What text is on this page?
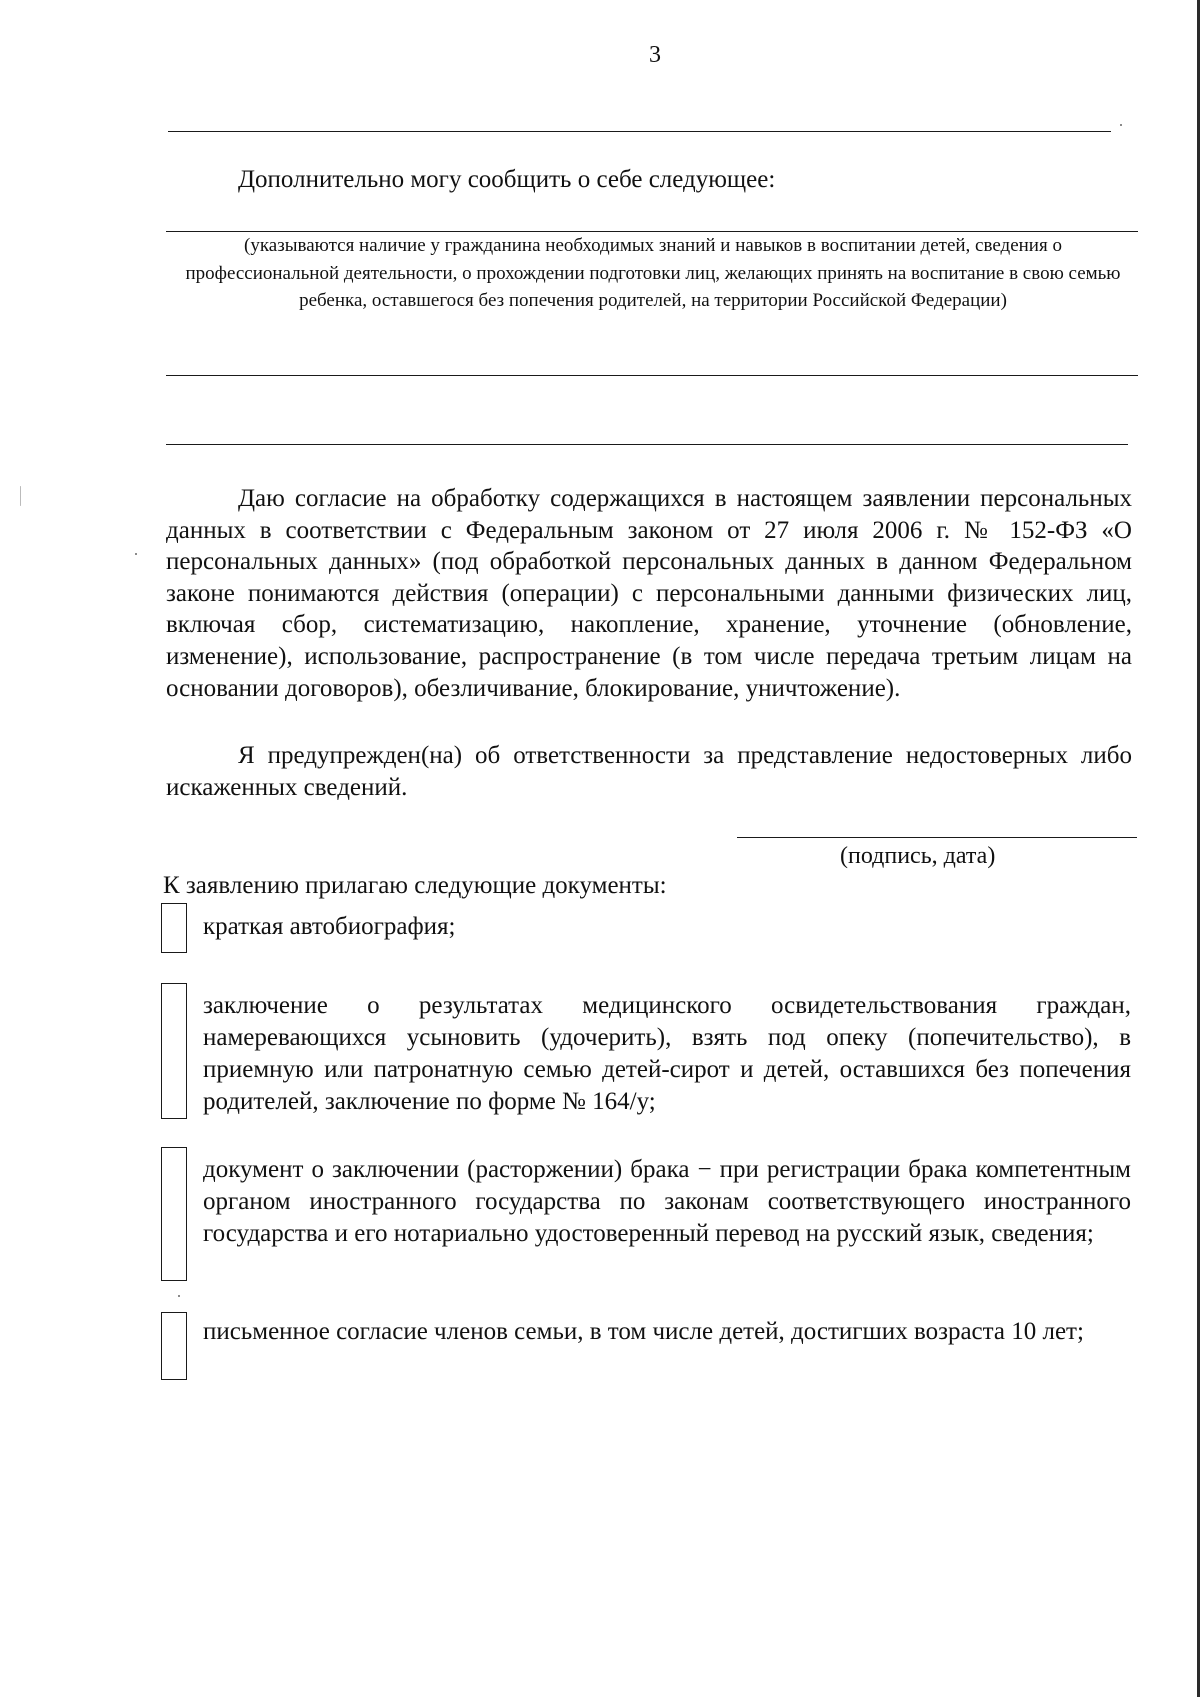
3
Дополнительно могу сообщить о себе следующее:
(указываются наличие у гражданина необходимых знаний и навыков в воспитании детей, сведения о профессиональной деятельности, о прохождении подготовки лиц, желающих принять на воспитание в свою семью ребенка, оставшегося без попечения родителей, на территории Российской Федерации)
Даю согласие на обработку содержащихся в настоящем заявлении персональных данных в соответствии с Федеральным законом от 27 июля 2006 г. № 152-ФЗ «О персональных данных» (под обработкой персональных данных в данном Федеральном законе понимаются действия (операции) с персональными данными физических лиц, включая сбор, систематизацию, накопление, хранение, уточнение (обновление, изменение), использование, распространение (в том числе передача третьим лицам на основании договоров), обезличивание, блокирование, уничтожение).
Я предупрежден(на) об ответственности за представление недостоверных либо искаженных сведений.
(подпись, дата)
К заявлению прилагаю следующие документы:
краткая автобиография;
заключение о результатах медицинского освидетельствования граждан, намеревающихся усыновить (удочерить), взять под опеку (попечительство), в приемную или патронатную семью детей-сирот и детей, оставшихся без попечения родителей, заключение по форме № 164/у;
документ о заключении (расторжении) брака − при регистрации брака компетентным органом иностранного государства по законам соответствующего иностранного государства и его нотариально удостоверенный перевод на русский язык, сведения;
письменное согласие членов семьи, в том числе детей, достигших возраста 10 лет;
